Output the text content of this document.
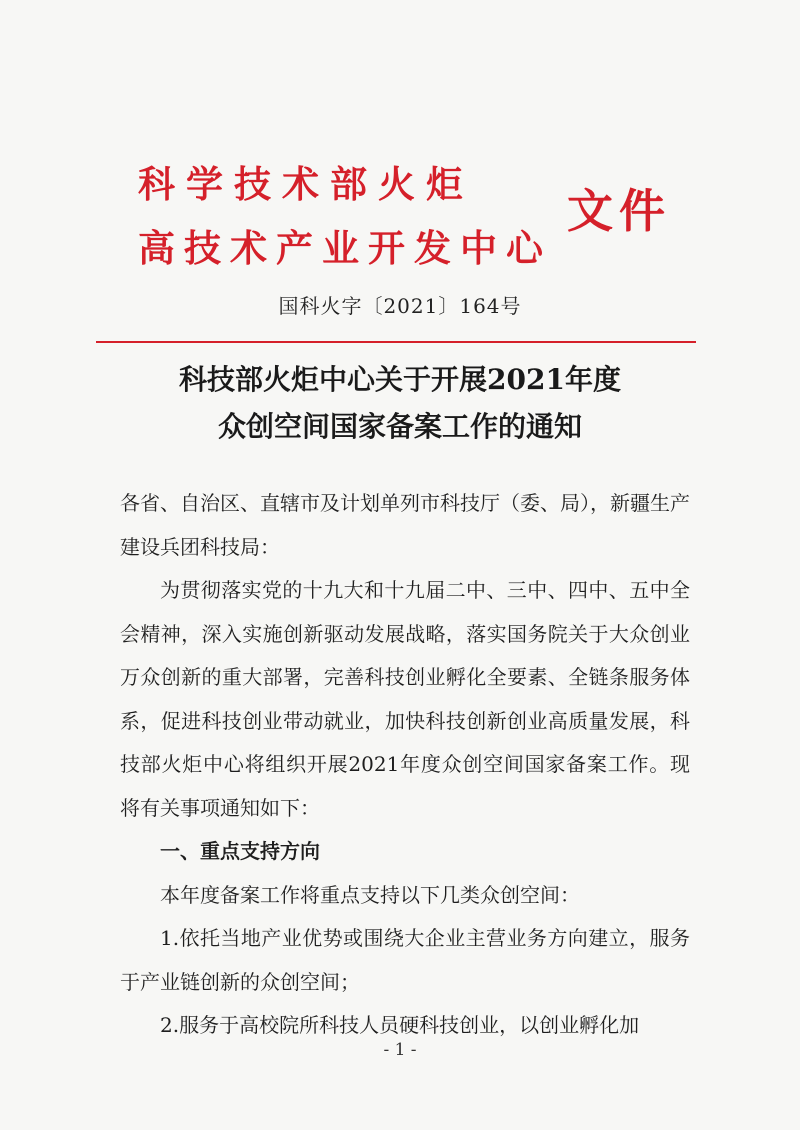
科学技术部火炬
高技术产业开发中心
文件
国科火字〔2021〕164号
科技部火炬中心关于开展2021年度
众创空间国家备案工作的通知

各省、自治区、直辖市及计划单列市科技厅（委、局），新疆生产建设兵团科技局：

为贯彻落实党的十九大和十九届二中、三中、四中、五中全会精神，深入实施创新驱动发展战略，落实国务院关于大众创业万众创新的重大部署，完善科技创业孵化全要素、全链条服务体系，促进科技创业带动就业，加快科技创新创业高质量发展，科技部火炬中心将组织开展2021年度众创空间国家备案工作。现将有关事项通知如下：

一、重点支持方向

本年度备案工作将重点支持以下几类众创空间：

1.依托当地产业优势或围绕大企业主营业务方向建立，服务于产业链创新的众创空间；

2.服务于高校院所科技人员硬科技创业，以创业孵化加

- 1 -
